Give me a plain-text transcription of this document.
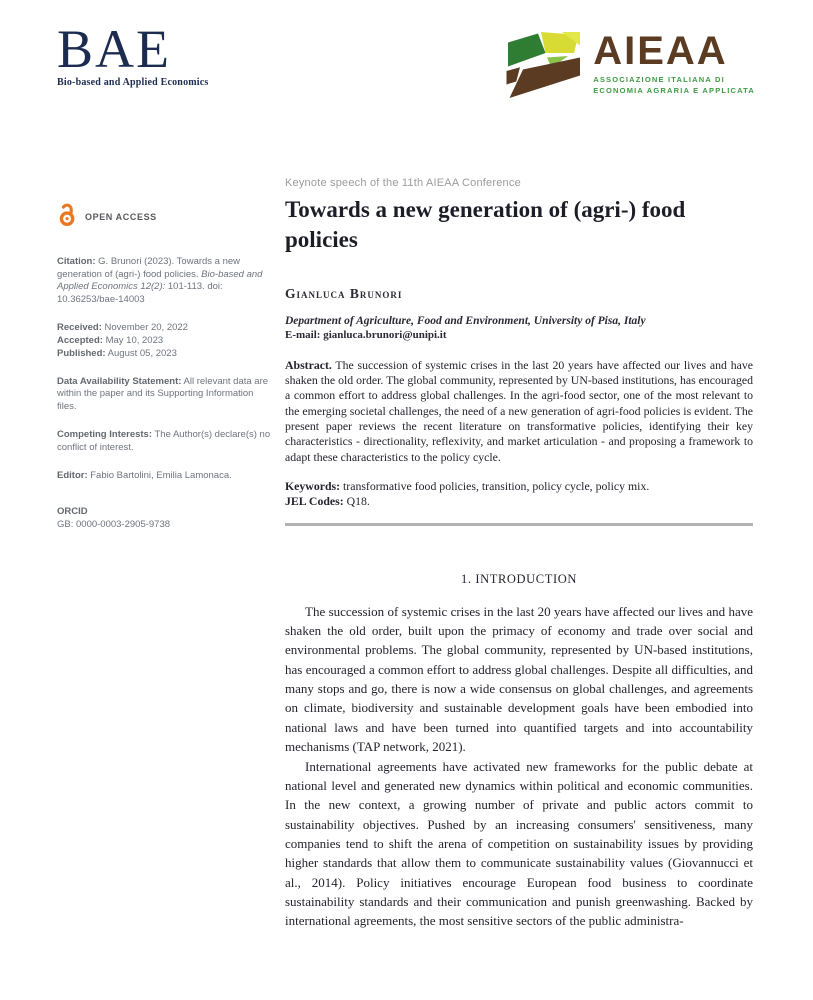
BAE
Bio-based and Applied Economics
AIEAA
ASSOCIAZIONE ITALIANA DI
ECONOMIA AGRARIA E APPLICATA
OPEN ACCESS

Citation: G. Brunori (2023). Towards a new generation of (agri-) food policies. Bio-based and Applied Economics 12(2): 101-113. doi: 10.36253/bae-14003

Received: November 20, 2022
Accepted: May 10, 2023
Published: August 05, 2023

Data Availability Statement: All relevant data are within the paper and its Supporting Information files.

Competing Interests: The Author(s) declare(s) no conflict of interest.

Editor: Fabio Bartolini, Emilia Lamonaca.

ORCID
GB: 0000-0003-2905-9738

Keynote speech of the 11th AIEAA Conference
Towards a new generation of (agri-) food policies
Gianluca Brunori
Department of Agriculture, Food and Environment, University of Pisa, Italy
E-mail: gianluca.brunori@unipi.it

Abstract. The succession of systemic crises in the last 20 years have affected our lives and have shaken the old order. The global community, represented by UN-based institutions, has encouraged a common effort to address global challenges. In the agri-food sector, one of the most relevant to the emerging societal challenges, the need of a new generation of agri-food policies is evident. The present paper reviews the recent literature on transformative policies, identifying their key characteristics - directionality, reflexivity, and market articulation - and proposing a framework to adapt these characteristics to the policy cycle.

Keywords: transformative food policies, transition, policy cycle, policy mix.

JEL Codes: Q18.

1. INTRODUCTION

The succession of systemic crises in the last 20 years have affected our lives and have shaken the old order, built upon the primacy of economy and trade over social and environmental problems. The global community, represented by UN-based institutions, has encouraged a common effort to address global challenges. Despite all difficulties, and many stops and go, there is now a wide consensus on global challenges, and agreements on climate, biodiversity and sustainable development goals have been embodied into national laws and have been turned into quantified targets and into accountability mechanisms (TAP network, 2021).

International agreements have activated new frameworks for the public debate at national level and generated new dynamics within political and economic communities. In the new context, a growing number of private and public actors commit to sustainability objectives. Pushed by an increasing consumers' sensitiveness, many companies tend to shift the arena of competition on sustainability issues by providing higher standards that allow them to communicate sustainability values (Giovannucci et al., 2014). Policy initiatives encourage European food business to coordinate sustainability standards and their communication and punish greenwashing. Backed by international agreements, the most sensitive sectors of the public administra-
